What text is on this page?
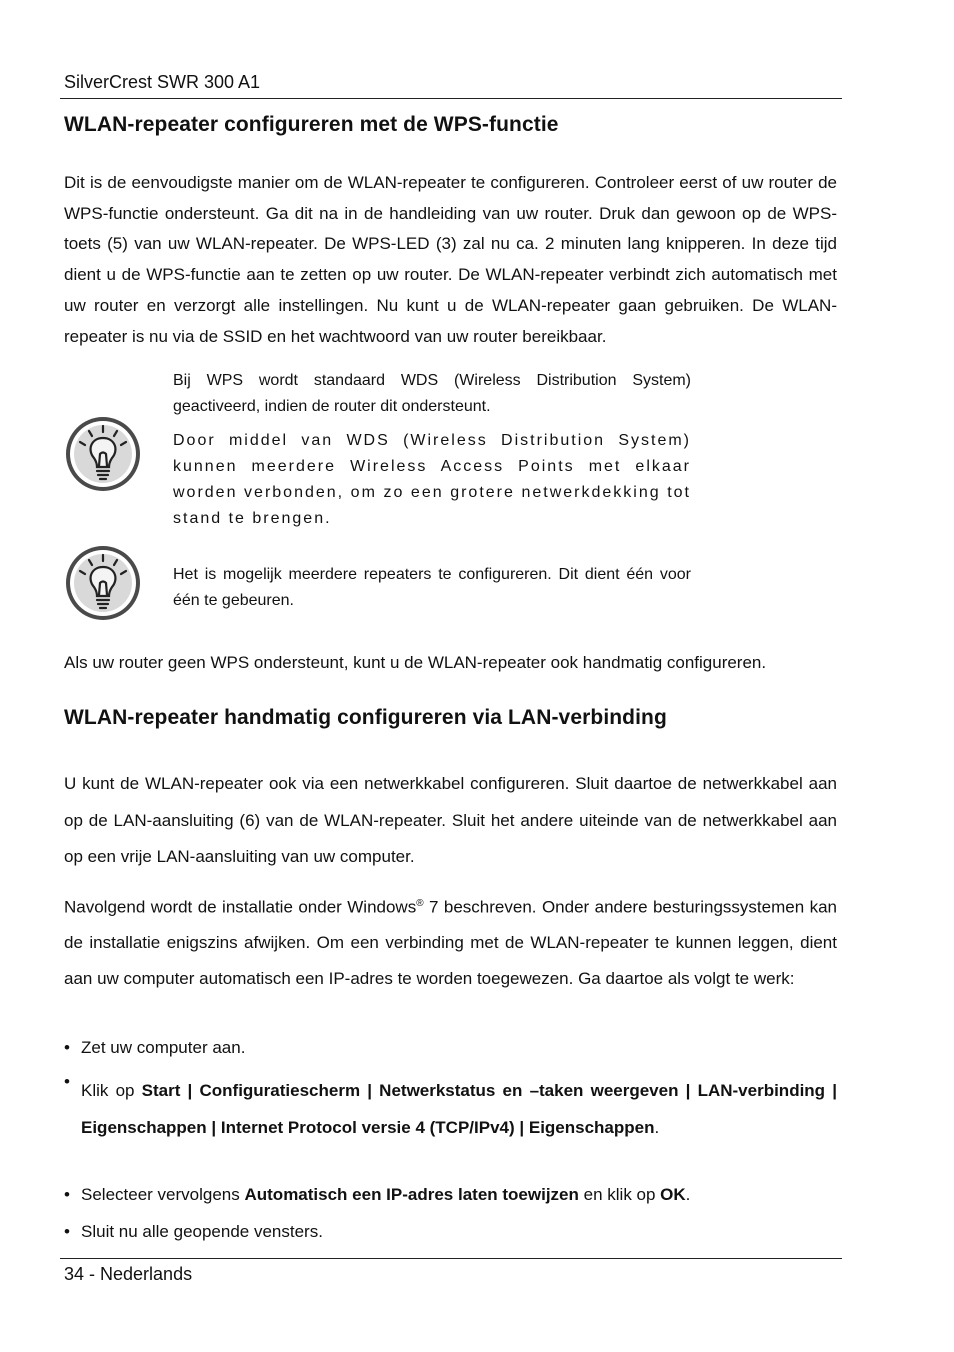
SilverCrest SWR 300 A1
WLAN-repeater configureren met de WPS-functie

Dit is de eenvoudigste manier om de WLAN-repeater te configureren. Controleer eerst of uw router de WPS-functie ondersteunt. Ga dit na in de handleiding van uw router. Druk dan gewoon op de WPS-toets (5) van uw WLAN-repeater. De WPS-LED (3) zal nu ca. 2 minuten lang knipperen. In deze tijd dient u de WPS-functie aan te zetten op uw router. De WLAN-repeater verbindt zich automatisch met uw router en verzorgt alle instellingen. Nu kunt u de WLAN-repeater gaan gebruiken. De WLAN-repeater is nu via de SSID en het wachtwoord van uw router bereikbaar.

Bij WPS wordt standaard WDS (Wireless Distribution System) geactiveerd, indien de router dit ondersteunt.

Door middel van WDS (Wireless Distribution System) kunnen meerdere Wireless Access Points met elkaar worden verbonden, om zo een grotere netwerkdekking tot stand te brengen.

Het is mogelijk meerdere repeaters te configureren. Dit dient één voor één te gebeuren.

Als uw router geen WPS ondersteunt, kunt u de WLAN-repeater ook handmatig configureren.

WLAN-repeater handmatig configureren via LAN-verbinding

U kunt de WLAN-repeater ook via een netwerkkabel configureren. Sluit daartoe de netwerkkabel aan op de LAN-aansluiting (6) van de WLAN-repeater. Sluit het andere uiteinde van de netwerkkabel aan op een vrije LAN-aansluiting van uw computer.

Navolgend wordt de installatie onder Windows® 7 beschreven. Onder andere besturingssystemen kan de installatie enigszins afwijken. Om een verbinding met de WLAN-repeater te kunnen leggen, dient aan uw computer automatisch een IP-adres te worden toegewezen. Ga daartoe als volgt te werk:

• Zet uw computer aan.
• Klik op Start | Configuratiescherm | Netwerkstatus en –taken weergeven | LAN-verbinding | Eigenschappen | Internet Protocol versie 4 (TCP/IPv4) | Eigenschappen.
• Selecteer vervolgens Automatisch een IP-adres laten toewijzen en klik op OK.
• Sluit nu alle geopende vensters.
34 - Nederlands
